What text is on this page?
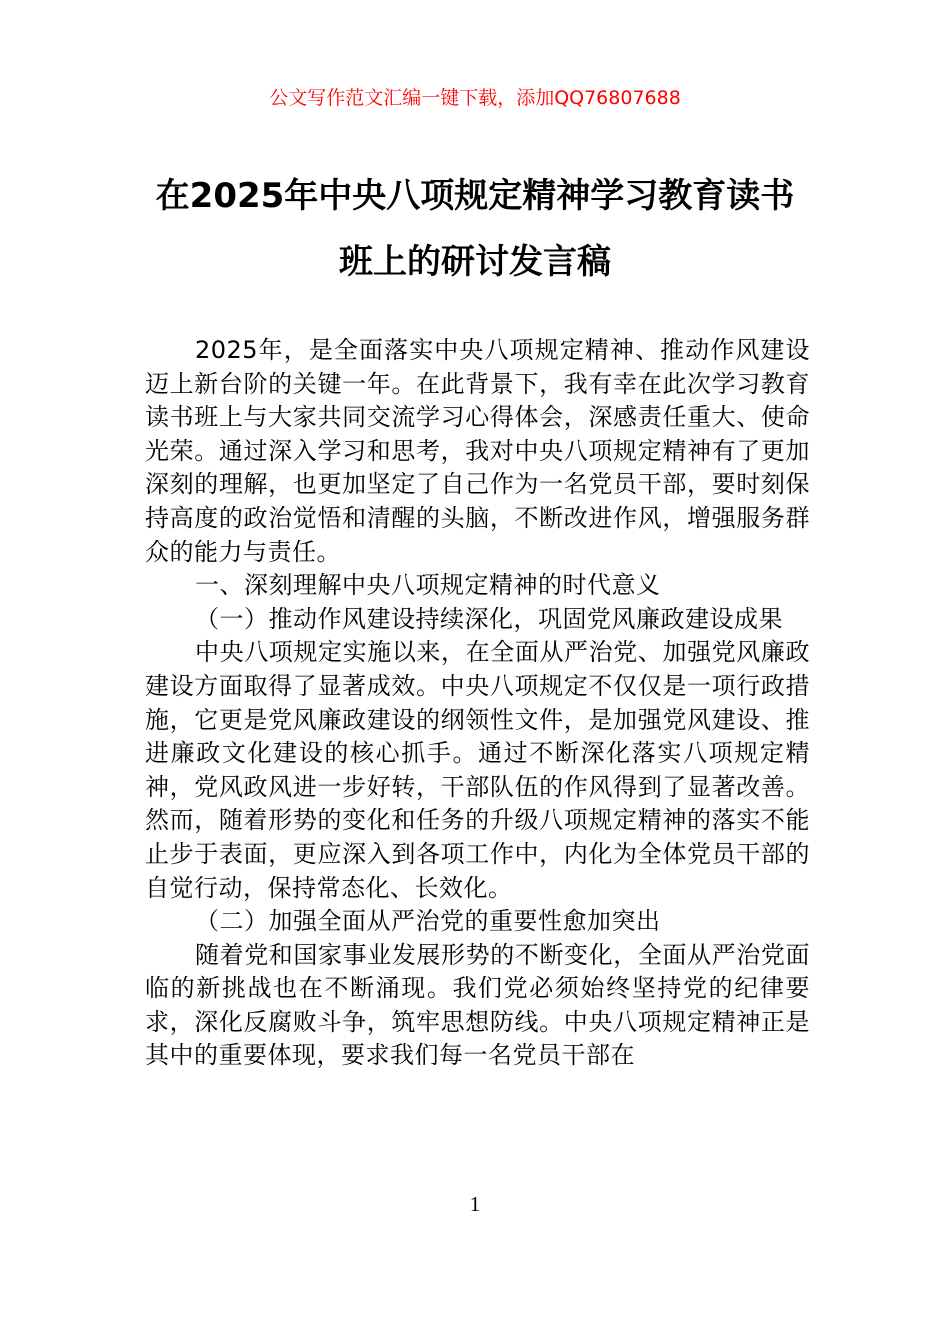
公文写作范文汇编一键下载，添加QQ76807688
在2025年中央八项规定精神学习教育读书
班上的研讨发言稿

2025年，是全面落实中央八项规定精神、推动作风建设迈上新台阶的关键一年。在此背景下，我有幸在此次学习教育读书班上与大家共同交流学习心得体会，深感责任重大、使命光荣。通过深入学习和思考，我对中央八项规定精神有了更加深刻的理解，也更加坚定了自己作为一名党员干部，要时刻保持高度的政治觉悟和清醒的头脑，不断改进作风，增强服务群众的能力与责任。

一、深刻理解中央八项规定精神的时代意义

（一）推动作风建设持续深化，巩固党风廉政建设成果

中央八项规定实施以来，在全面从严治党、加强党风廉政建设方面取得了显著成效。中央八项规定不仅仅是一项行政措施，它更是党风廉政建设的纲领性文件，是加强党风建设、推进廉政文化建设的核心抓手。通过不断深化落实八项规定精神，党风政风进一步好转，干部队伍的作风得到了显著改善。然而，随着形势的变化和任务的升级八项规定精神的落实不能止步于表面，更应深入到各项工作中，内化为全体党员干部的自觉行动，保持常态化、长效化。

（二）加强全面从严治党的重要性愈加突出

随着党和国家事业发展形势的不断变化，全面从严治党面临的新挑战也在不断涌现。我们党必须始终坚持党的纪律要求，深化反腐败斗争，筑牢思想防线。中央八项规定精神正是其中的重要体现，要求我们每一名党员干部在

1
